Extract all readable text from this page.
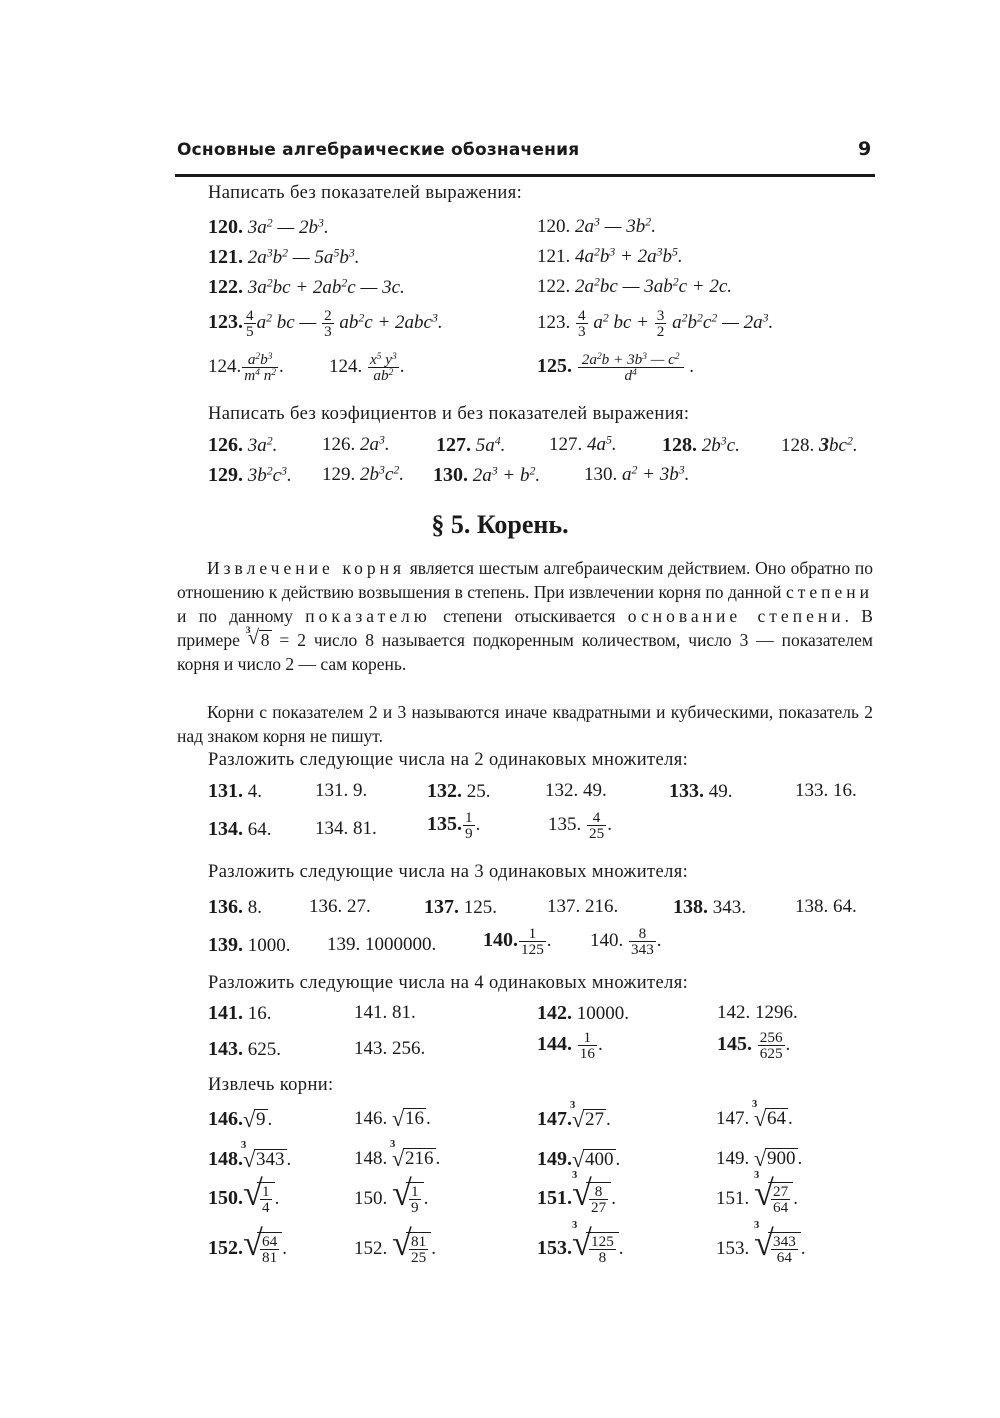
Основные алгебраические обозначения	9
Написать без показателей выражения:
120. $3a^2$ — $2b^3$.	120. $2a^3$ — $3b^2$.
121. $2a^3b^2$ — $5a^5b^3$.	121. $4a^2b^3 + 2a^3b^5$.
122. $3a^2bc + 2ab^2c$ — 3c.	122. $2a^2bc$ — $3ab^2c + 2c$.
123. $\frac{4}{5} a^2$ bc — $\frac{2}{3} ab^2c + 2abc^3$.	123. $\frac{4}{3} a^2$ bc + $\frac{3}{2} a^2b^2c^2$ — $2a^3$.
124. $\frac{a^2b^3}{m^4 n^2}$ . 124. $\frac{x^5 y^3}{ab^2}$ .	125. $\frac{2a^2b + 3b^3 — c^2}{d^4}$ .
Написать без коэфициентов и без показателей выражения:
126. $3a^2$. 126. $2a^3$. 127. $5a^4$. 127. $4a^5$. 128. $2b^3c$. 128. $3bc^2$.
129. $3b^2c^3$. 129. $2b^3c^2$. 130. $2a^3 + b^2$. 130. $a^2 + 3b^3$.
§ 5. Корень.
Извлечение корня является шестым алгебраическим действием. Оно обратно по отношению к действию возвышения в степень. При извлечении корня по данной степени и по данному показателю степени отыскивается основание степени. В примере
√ 3 8 = 2 число 8 называется подкоренным количеством, число 3 — показателем корня и число 2 — сам корень.
Корни с показателем 2 и 3 называются иначе квадратными и кубическими, показатель 2 над знаком корня не пишут.
Разложить следующие числа на 2 одинаковых множителя:
131. 4.	131. 9.	132. 25.	132. 49.	133. 49.	133. 16.
134. 64. 134. 81.	135. $\frac{1}{9}$ .	135. $\frac{4}{25}$ .
Разложить следующие числа на 3 одинаковых множителя:
136. 8. 136. 27.	137. 125.	137. 216.	138. 343.	138. 64.
139. 1000. 139. 1000000. 140. $\frac{1}{125}$ . 140. $\frac{8}{343}$ .
Разложить следующие числа на 4 одинаковых множителя:
141. 16.	141. 81.	142. 10000.	142. 1296.
143. 625.	143. 256.	144. $\frac{1}{16}$ .	145. $\frac{256}{625}$ .
Извлечь корни:
146. √ 9 .	146. √ 16 .	147.
√ 3
27 .	147.
√ 3
64 .
148.
√ 3
343 .	148.
√ 3
216 .	149. √ 400 .	149. √ 900 .
150. √ $\frac{1}{4}$ .	150. √ $\frac{1}{9}$ .	151.
√ 3
$\frac{8}{27}$ .	151.
√ 3
$\frac{27}{64}$ .
152. √ $\frac{64}{81}$ .	152. √ $\frac{81}{25}$ .	153.
√ 3
$\frac{125}{8}$ .	153.
√ 3
$\frac{343}{64}$ .
